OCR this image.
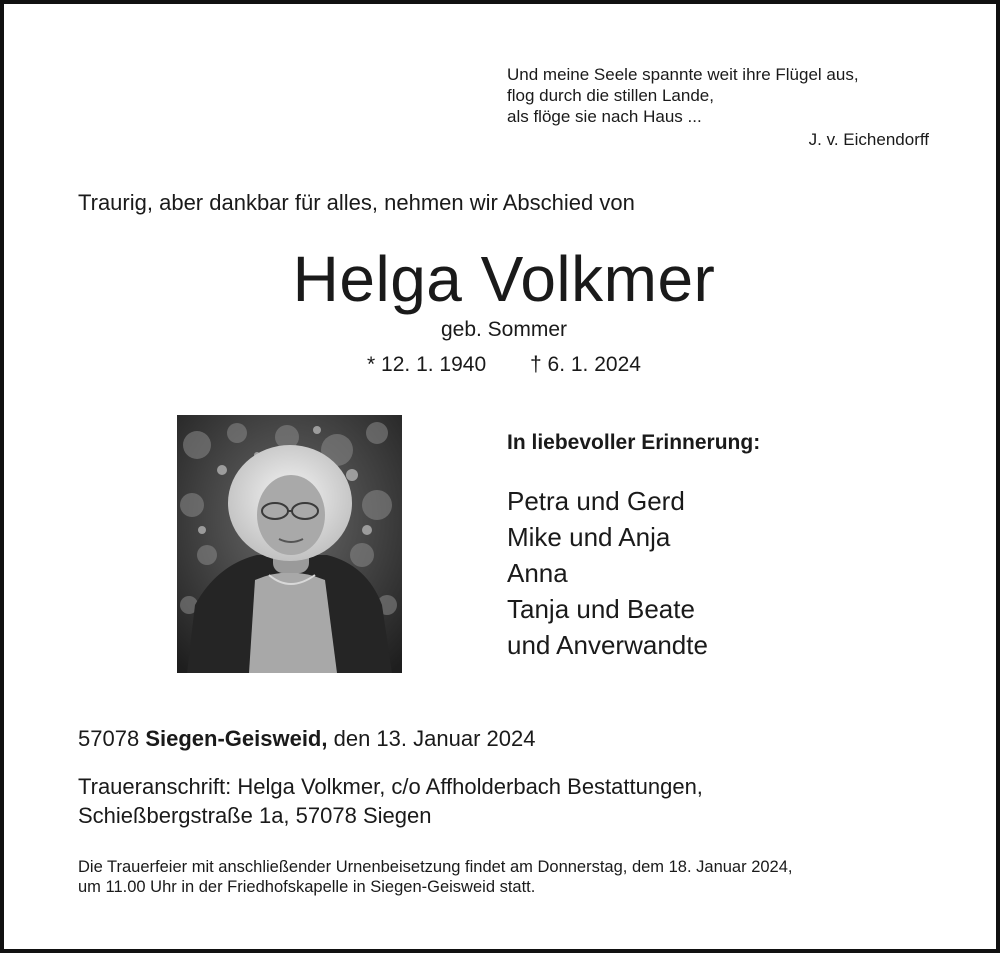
Und meine Seele spannte weit ihre Flügel aus,
flog durch die stillen Lande,
als flöge sie nach Haus ...
J. v. Eichendorff
Traurig, aber dankbar für alles, nehmen wir Abschied von
Helga Volkmer
geb. Sommer
* 12. 1. 1940 † 6. 1. 2024
In liebevoller Erinnerung:
Petra und Gerd
Mike und Anja
Anna
Tanja und Beate
und Anverwandte
57078 Siegen-Geisweid, den 13. Januar 2024
Traueranschrift: Helga Volkmer, c/o Affholderbach Bestattungen,
Schießbergstraße 1a, 57078 Siegen
Die Trauerfeier mit anschließender Urnenbeisetzung findet am Donnerstag, dem 18. Januar 2024,
um 11.00 Uhr in der Friedhofskapelle in Siegen-Geisweid statt.
